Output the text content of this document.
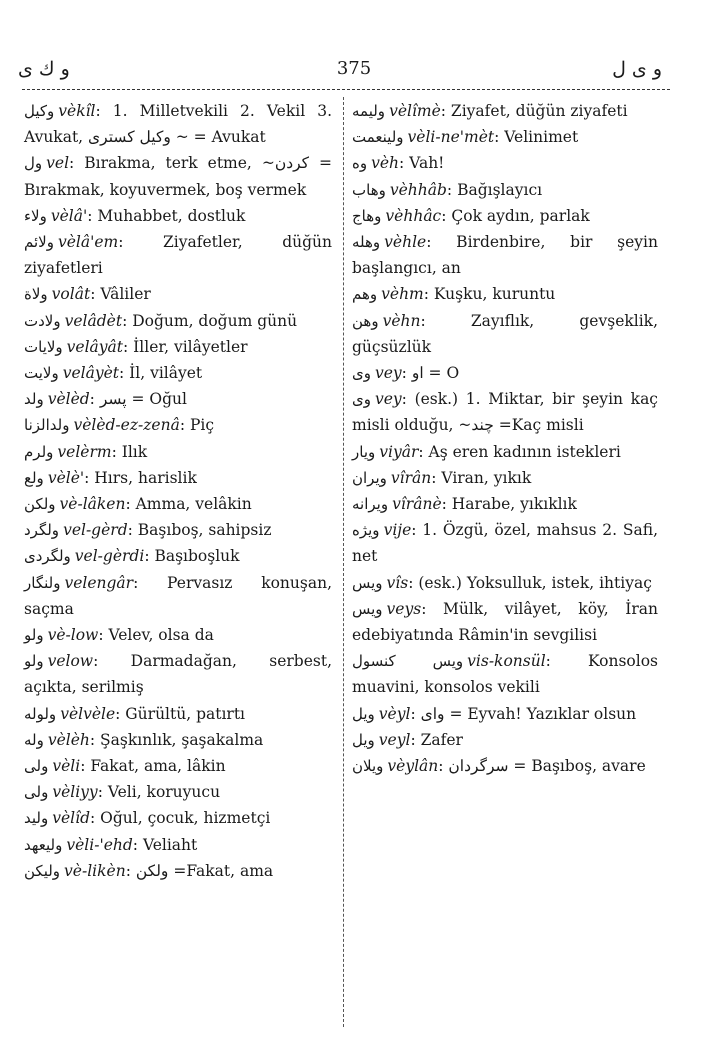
و ك ى	375	و ى ل
وكيل vèkîl: 1. Milletvekili 2. Vekil 3. Avukat, وكيل كسترى ~ = Avukat
ول vel: Bırakma, terk etme, ~كردن = Bırakmak, koyuvermek, boş vermek
ولاء vèlâ': Muhabbet, dostluk
ولائم vèlâ'em: Ziyafetler, düğün ziyafetleri
ولاة volât: Vâliler
ولادت velâdèt: Doğum, doğum günü
ولايات velâyât: İller, vilâyetler
ولايت velâyèt: İl, vilâyet
ولد vèlèd: پسر = Oğul
ولدالزنا vèlèd-ez-zenâ: Piç
ولرم velèrm: Ilık
ولع vèlè': Hırs, harislik
ولكن vè-lâken: Amma, velâkin
ولگرد vel-gèrd: Başıboş, sahipsiz
ولگردى vel-gèrdi: Başıboşluk
ولنگار velengâr: Pervasız konuşan, saçma
ولو vè-low: Velev, olsa da
ولو velow: Darmadağan, serbest, açıkta, serilmiş
ولوله vèlvèle: Gürültü, patırtı
وله vèlèh: Şaşkınlık, şaşakalma
ولى vèli: Fakat, ama, lâkin
ولى vèliyy: Veli, koruyucu
وليد vèlîd: Oğul, çocuk, hizmetçi
وليعهد vèli-'ehd: Veliaht
وليكن vè-likèn: ولكن =Fakat, ama
وليمه vèlîmè: Ziyafet, düğün ziyafeti
ولينعمت vèli-ne'mèt: Velinimet
وه vèh: Vah!
وهاب vèhhâb: Bağışlayıcı
وهاج vèhhâc: Çok aydın, parlak
وهله vèhle: Birdenbire, bir şeyin başlangıcı, an
وهم vèhm: Kuşku, kuruntu
وهن vèhn: Zayıflık, gevşeklik, güçsüzlük
وى vey: او = O
وى vey: (esk.) 1. Miktar, bir şeyin kaç misli olduğu, ~چند =Kaç misli
ويار viyâr: Aş eren kadının istekleri
ويران vîrân: Viran, yıkık
ويرانه vîrânè: Harabe, yıkıklık
ويژه vije: 1. Özgü, özel, mahsus 2. Safi, net
ويس vîs: (esk.) Yoksulluk, istek, ihtiyaç
ويس veys: Mülk, vilâyet, köy, İran edebiyatında Râmin'in sevgilisi
ويس كنسول vis-konsül: Konsolos muavini, konsolos vekili
ويل vèyl: واى = Eyvah! Yazıklar olsun
ويل veyl: Zafer
ويلان vèylân: سرگردان = Başıboş, avare
